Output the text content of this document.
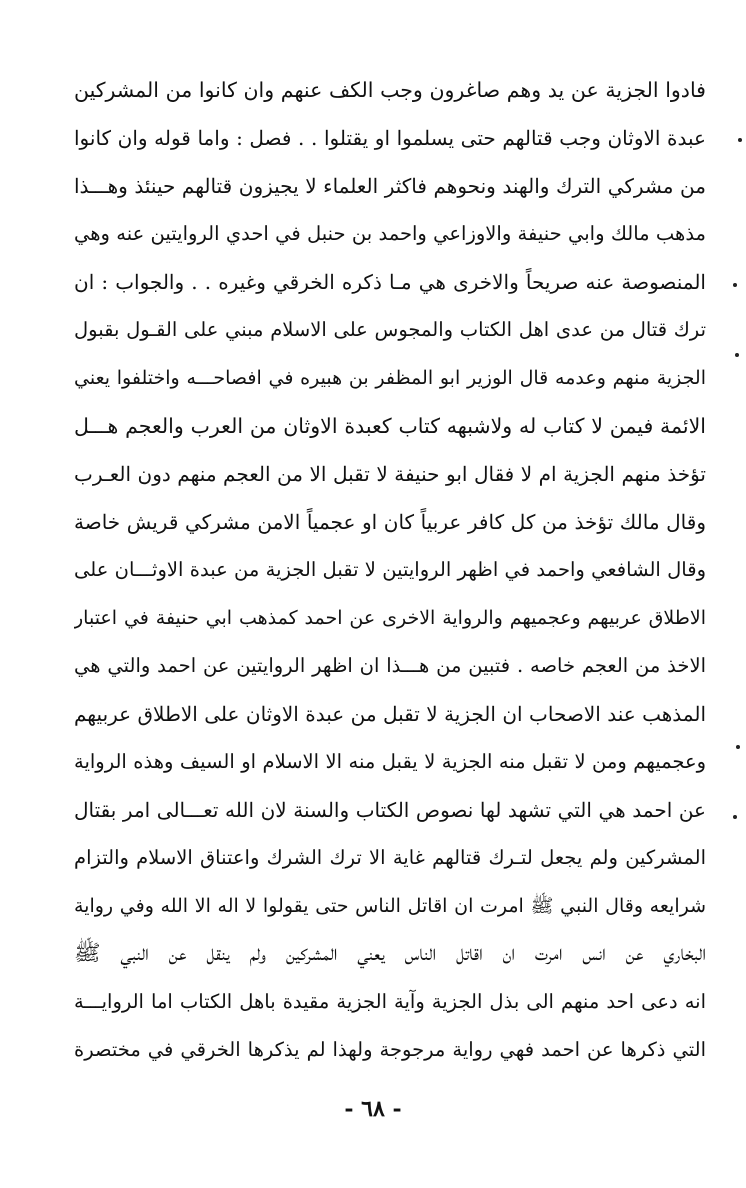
فادوا الجزية عن يد وهم صاغرون وجب الكف عنهم وان كانوا من المشركين
عبدة الاوثان وجب قتالهم حتى يسلموا او يقتلوا . . فصل : واما قوله وان كانوا
من مشركي الترك والهند ونحوهم فاكثر العلماء لا يجيزون قتالهم حينئذ وهـــذا
مذهب مالك وابي حنيفة والاوزاعي واحمد بن حنبل في احدي الروايتين عنه وهي
المنصوصة عنه صريحاً والاخرى هي مـا ذكره الخرقي وغيره . . والجواب : ان
ترك قتال من عدى اهل الكتاب والمجوس على الاسلام مبني على القـول بقبول
الجزية منهم وعدمه قال الوزير ابو المظفر بن هبيره في افصاحـــه واختلفوا يعني
الائمة فيمن لا كتاب له ولاشبهه كتاب كعبدة الاوثان من العرب والعجم هـــل
تؤخذ منهم الجزية ام لا فقال ابو حنيفة لا تقبل الا من العجم منهم دون العـرب
وقال مالك تؤخذ من كل كافر عربياً كان او عجمياً الامن مشركي قريش خاصة
وقال الشافعي واحمد في اظهر الروايتين لا تقبل الجزية من عبدة الاوثـــان على
الاطلاق عربيهم وعجميهم والرواية الاخرى عن احمد كمذهب ابي حنيفة في اعتبار
الاخذ من العجم خاصه . فتبين من هـــذا ان اظهر الروايتين عن احمد والتي هي
المذهب عند الاصحاب ان الجزية لا تقبل من عبدة الاوثان على الاطلاق عربيهم
وعجميهم ومن لا تقبل منه الجزية لا يقبل منه الا الاسلام او السيف وهذه الرواية
عن احمد هي التي تشهد لها نصوص الكتاب والسنة لان الله تعـــالى امر بقتال
المشركين ولم يجعل لتـرك قتالهم غاية الا ترك الشرك واعتناق الاسلام والتزام
شرايعه وقال النبي ﷺ امرت ان اقاتل الناس حتى يقولوا لا اله الا الله وفي رواية
البخاري عن انس امرت ان اقاتل الناس يعني المشركين ولم ينقل عن النبي ﷺ
انه دعى احد منهم الى بذل الجزية وآية الجزية مقيدة باهل الكتاب اما الروايـــة
التي ذكرها عن احمد فهي رواية مرجوجة ولهذا لم يذكرها الخرقي في مختصرة
- ٦٨ -
